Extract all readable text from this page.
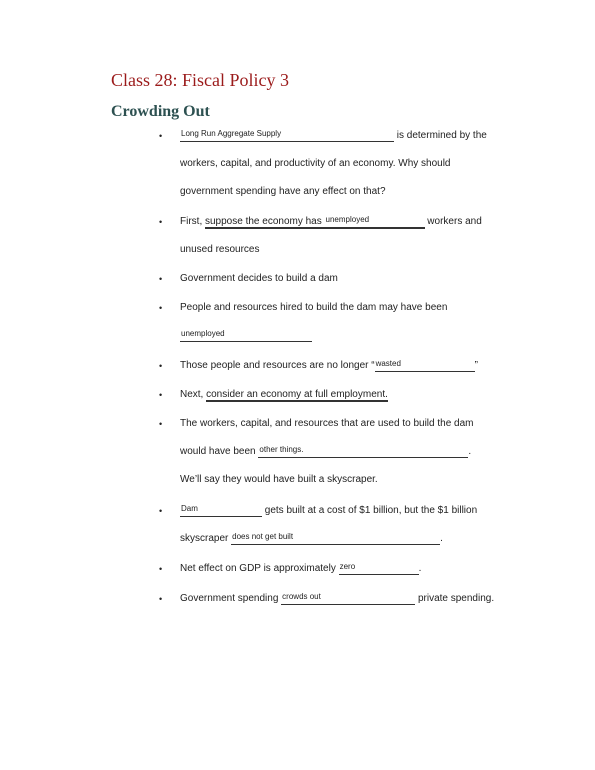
Class 28: Fiscal Policy 3
Crowding Out
• Long Run Aggregate Supply	is determined by the
workers, capital, and productivity of an economy. Why should
government spending have any effect on that?
• First, suppose the economy has unemployed	workers and
unused resources
• Government decides to build a dam
• People and resources hired to build the dam may have been
unemployed
• Those people and resources are no longer “ wasted	”
• Next, consider an economy at full employment.
• The workers, capital, and resources that are used to build the dam
would have been other things.	.
We’ll say they would have built a skyscraper.
• Dam	gets built at a cost of $1 billion, but the $1 billion
skyscraper does not get built	.
• Net effect on GDP is approximately zero	.
• Government spending crowds out	private spending.
